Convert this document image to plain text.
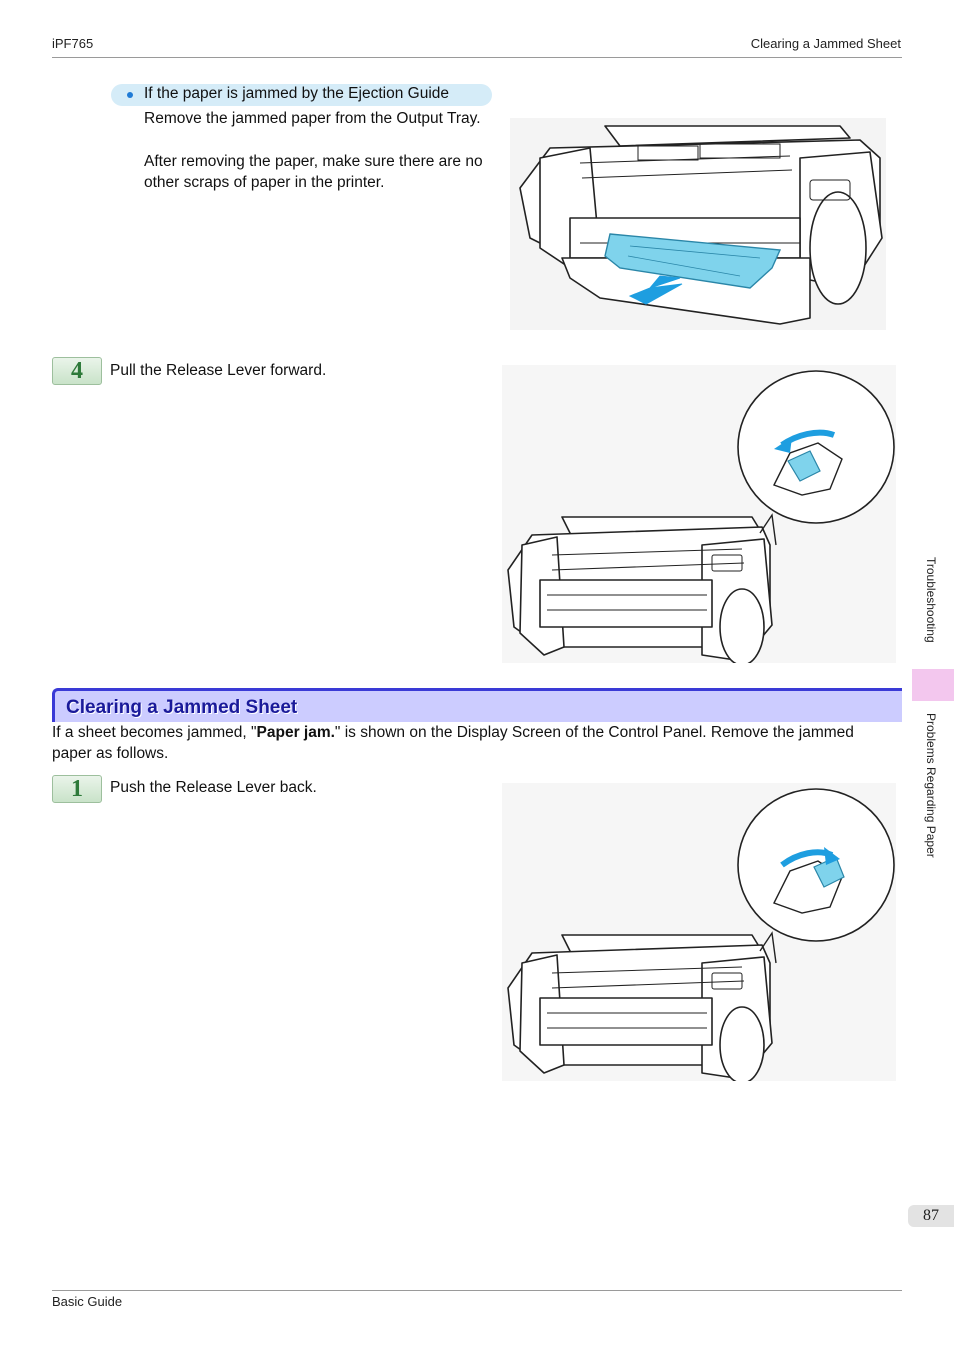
iPF765	Clearing a Jammed Sheet
If the paper is jammed by the Ejection Guide
Remove the jammed paper from the Output Tray.
After removing the paper, make sure there are no other scraps of paper in the printer.
4	Pull the Release Lever forward.
Clearing a Jammed Sheet
If a sheet becomes jammed, "Paper jam." is shown on the Display Screen of the Control Panel. Remove the jammed paper as follows.
1	Push the Release Lever back.
Troubleshooting
Problems Regarding Paper
87
Basic Guide
